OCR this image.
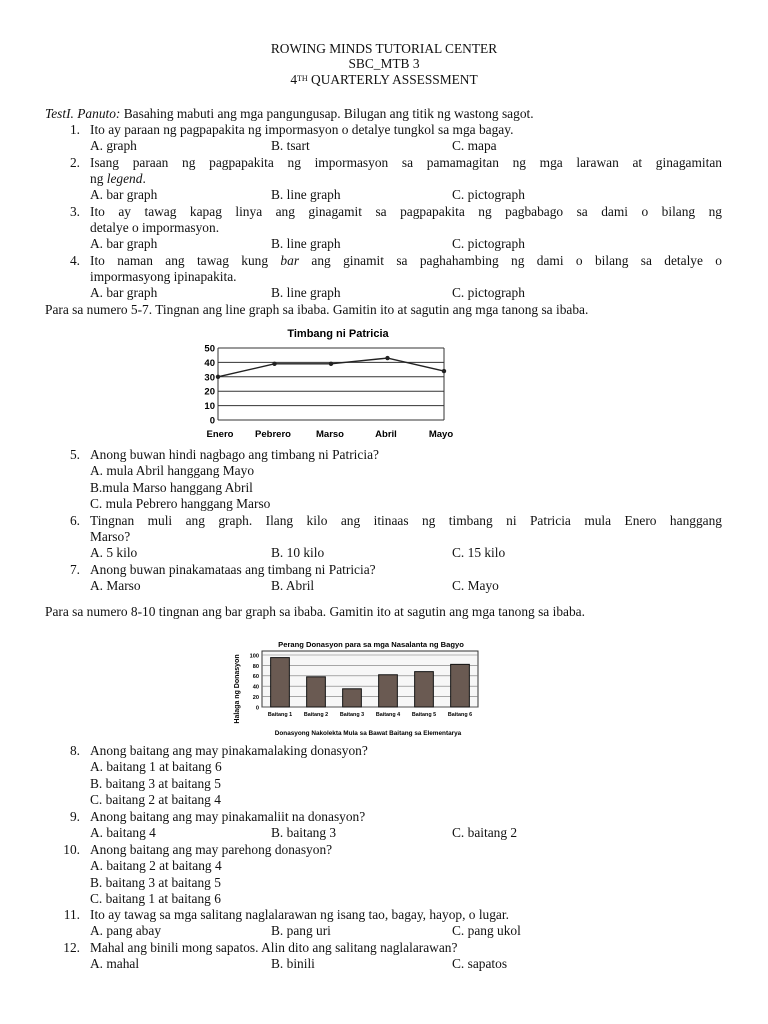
ROWING MINDS TUTORIAL CENTER
SBC_MTB 3
4TH QUARTERLY ASSESSMENT
TestI. Panuto: Basahing mabuti ang mga pangungusap. Bilugan ang titik ng wastong sagot.
1. Ito ay paraan ng pagpapakita ng impormasyon o detalye tungkol sa mga bagay.
A. graph	B. tsart	C. mapa
2. Isang paraan ng pagpapakita ng impormasyon sa pamamagitan ng mga larawan at ginagamitan
ng legend.
A. bar graph	B. line graph	C. pictograph
3. Ito ay tawag kapag linya ang ginagamit sa pagpapakita ng pagbabago sa dami o bilang ng
detalye o impormasyon.
A. bar graph	B. line graph	C. pictograph
4. Ito naman ang tawag kung bar ang ginamit sa paghahambing ng dami o bilang sa detalye o
impormasyong ipinapakita.
A. bar graph	B. line graph	C. pictograph
Para sa numero 5-7. Tingnan ang line graph sa ibaba. Gamitin ito at sagutin ang mga tanong sa ibaba.
Timbang ni Patricia
0
10
20
30
40
50
Enero Pebrero	Marso	Abril	Mayo
5. Anong buwan hindi nagbago ang timbang ni Patricia?
A. mula Abril hanggang Mayo
B.mula Marso hanggang Abril
C. mula Pebrero hanggang Marso
6. Tingnan muli ang graph. Ilang kilo ang itinaas ng timbang ni Patricia mula Enero hanggang
Marso?
A. 5 kilo	B. 10 kilo	C. 15 kilo
7. Anong buwan pinakamataas ang timbang ni Patricia?
A. Marso	B. Abril	C. Mayo
Para sa numero 8-10 tingnan ang bar graph sa ibaba. Gamitin ito at sagutin ang mga tanong sa ibaba.
Perang Donasyon para sa mga Nasalanta ng Bagyo
Halaga ng Donasyon
Donasyong Nakolekta Mula sa Bawat Baitang sa Elementarya
0
20
40
60
80
100
Baitang 1 Baitang 2 Baitang 3 Baitang 4 Baitang 5 Baitang 6
8. Anong baitang ang may pinakamalaking donasyon?
A. baitang 1 at baitang 6
B. baitang 3 at baitang 5
C. baitang 2 at baitang 4
9. Anong baitang ang may pinakamaliit na donasyon?
A. baitang 4	B. baitang 3	C. baitang 2
10. Anong baitang ang may parehong donasyon?
A. baitang 2 at baitang 4
B. baitang 3 at baitang 5
C. baitang 1 at baitang 6
11. Ito ay tawag sa mga salitang naglalarawan ng isang tao, bagay, hayop, o lugar.
A. pang abay	B. pang uri	C. pang ukol
12. Mahal ang binili mong sapatos. Alin dito ang salitang naglalarawan?
A. mahal	B. binili	C. sapatos
